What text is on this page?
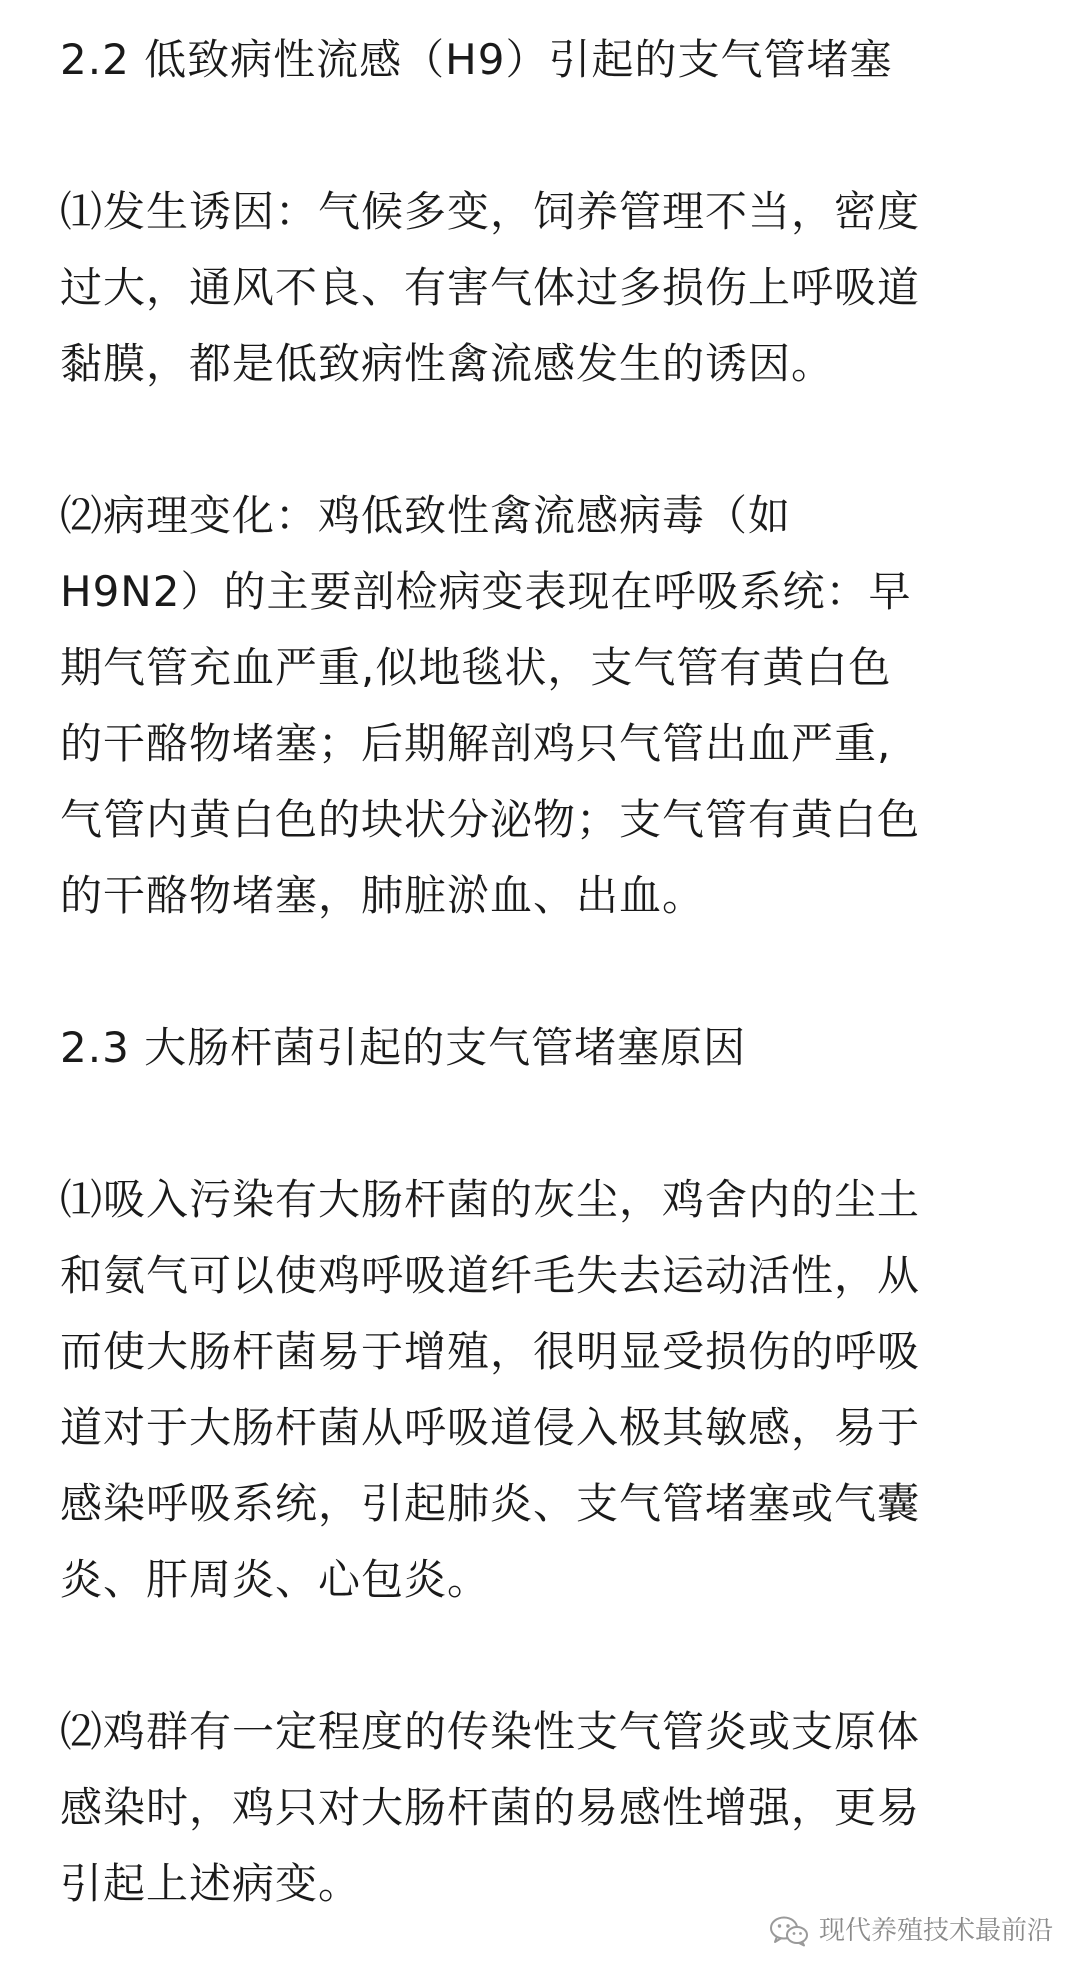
2.2 低致病性流感（H9）引起的支气管堵塞

⑴发生诱因：气候多变，饲养管理不当，密度
过大，通风不良、有害气体过多损伤上呼吸道
黏膜，都是低致病性禽流感发生的诱因。

⑵病理变化：鸡低致性禽流感病毒（如
H9N2）的主要剖检病变表现在呼吸系统：早
期气管充血严重,似地毯状，支气管有黄白色
的干酪物堵塞；后期解剖鸡只气管出血严重,
气管内黄白色的块状分泌物；支气管有黄白色
的干酪物堵塞，肺脏淤血、出血。

2.3 大肠杆菌引起的支气管堵塞原因

⑴吸入污染有大肠杆菌的灰尘，鸡舍内的尘土
和氨气可以使鸡呼吸道纤毛失去运动活性，从
而使大肠杆菌易于增殖，很明显受损伤的呼吸
道对于大肠杆菌从呼吸道侵入极其敏感，易于
感染呼吸系统，引起肺炎、支气管堵塞或气囊
炎、肝周炎、心包炎。

⑵鸡群有一定程度的传染性支气管炎或支原体
感染时，鸡只对大肠杆菌的易感性增强，更易
引起上述病变。

现代养殖技术最前沿
